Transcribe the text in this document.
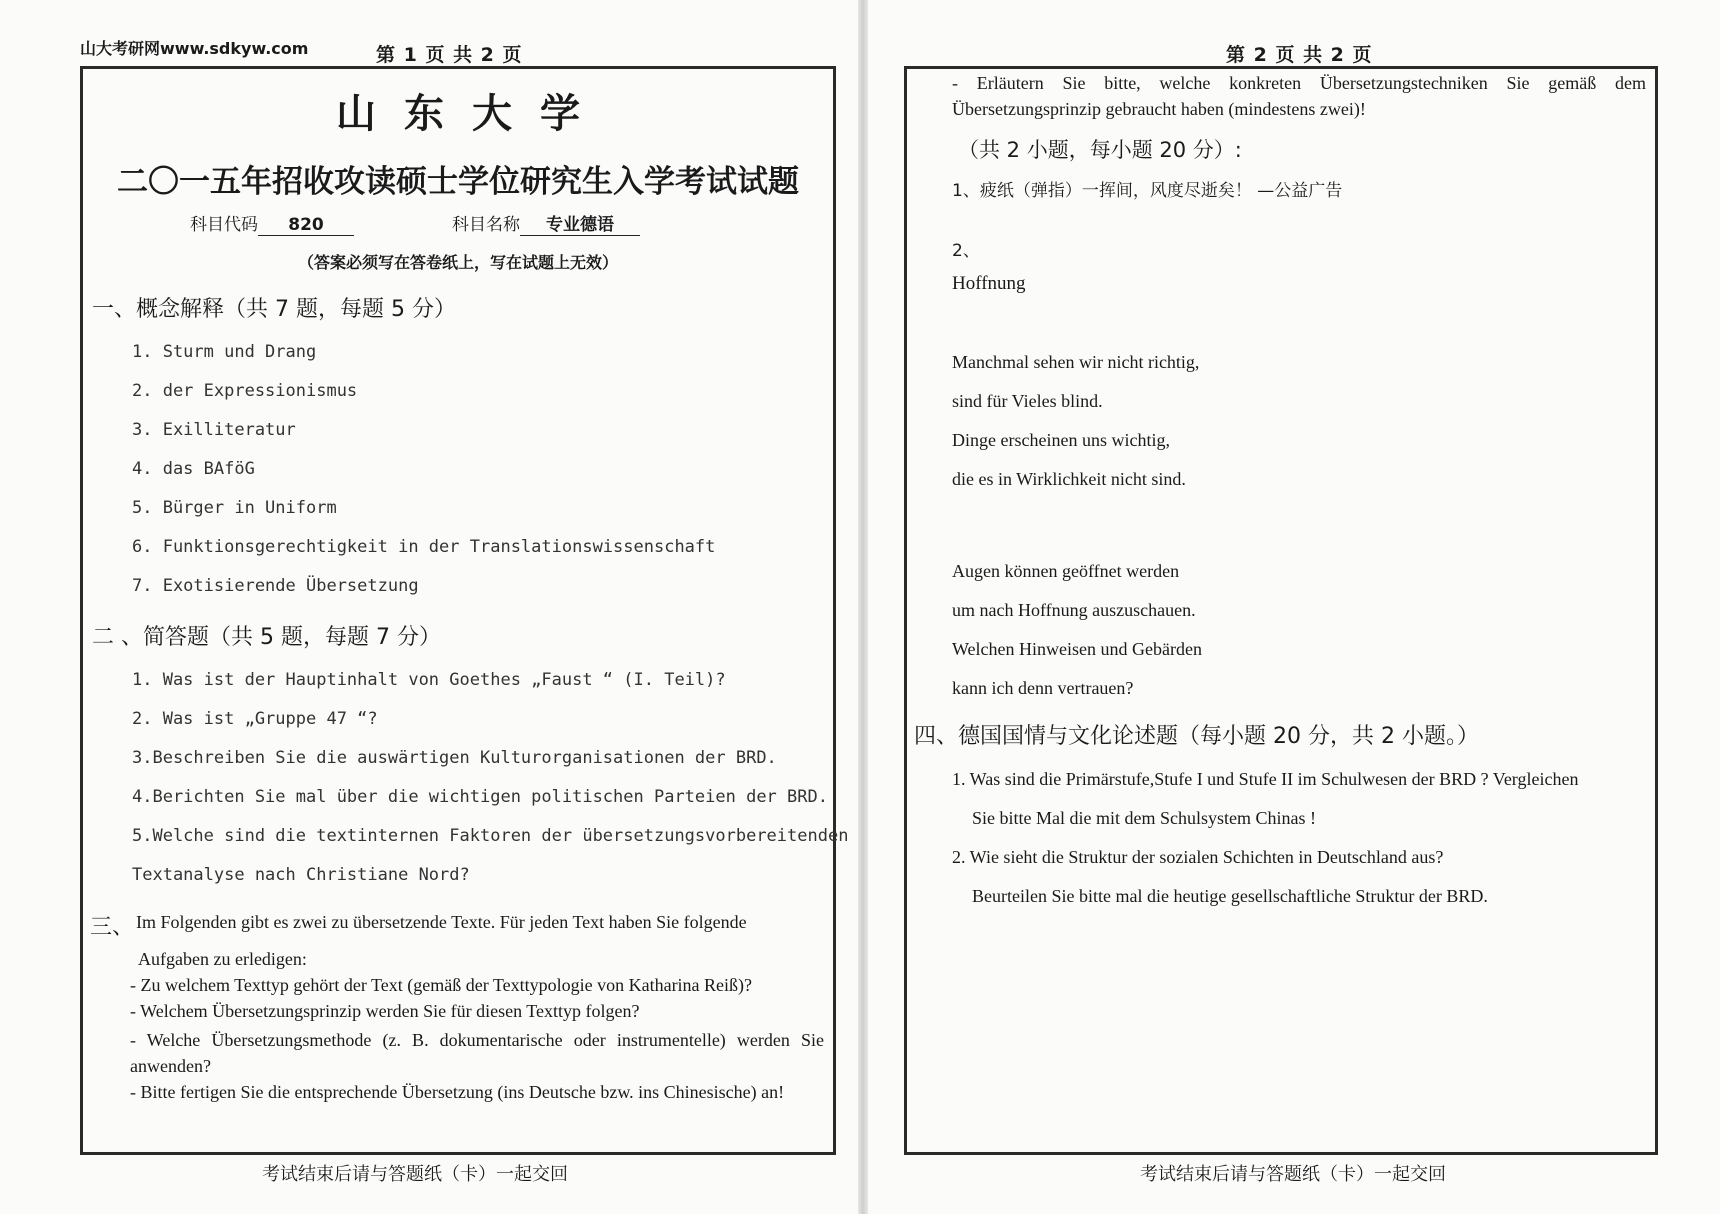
山大考研网www.sdkyw.com	第 1 页 共 2 页
山东大学
二〇一五年招收攻读硕士学位研究生入学考试试题
科目代码 820	科目名称 专业德语
（答案必须写在答卷纸上，写在试题上无效）
一、概念解释（共 7 题，每题 5 分）
1. Sturm und Drang
2. der Expressionismus
3. Exilliteratur
4. das BAföG
5. Bürger in Uniform
6. Funktionsgerechtigkeit in der Translationswissenschaft
7. Exotisierende Übersetzung
二 、简答题（共 5 题，每题 7 分）
1. Was ist der Hauptinhalt von Goethes „Faust “ (I. Teil)?
2. Was ist „Gruppe 47 “?
3.Beschreiben Sie die auswärtigen Kulturorganisationen der BRD.
4.Berichten Sie mal über die wichtigen politischen Parteien der BRD.
5.Welche sind die textinternen Faktoren der übersetzungsvorbereitenden
Textanalyse nach Christiane Nord?
三、 Im Folgenden gibt es zwei zu übersetzende Texte. Für jeden Text haben Sie folgende
Aufgaben zu erledigen:
- Zu welchem Texttyp gehört der Text (gemäß der Texttypologie von Katharina Reiß)?
- Welchem Übersetzungsprinzip werden Sie für diesen Texttyp folgen?
- Welche Übersetzungsmethode (z. B. dokumentarische oder instrumentelle) werden Sie anwenden?
- Bitte fertigen Sie die entsprechende Übersetzung (ins Deutsche bzw. ins Chinesische) an!
考试结束后请与答题纸（卡）一起交回
第 2 页 共 2 页
- Erläutern Sie bitte, welche konkreten Übersetzungstechniken Sie gemäß dem Übersetzungsprinzip gebraucht haben (mindestens zwei)!
（共 2 小题，每小题 20 分）:
1、疲纸（弹指）一挥间，风度尽逝矣！ —公益广告
2、
Hoffnung
Manchmal sehen wir nicht richtig,
sind für Vieles blind.
Dinge erscheinen uns wichtig,
die es in Wirklichkeit nicht sind.
Augen können geöffnet werden
um nach Hoffnung auszuschauen.
Welchen Hinweisen und Gebärden
kann ich denn vertrauen?
四、德国国情与文化论述题（每小题 20 分，共 2 小题。）
1. Was sind die Primärstufe,Stufe I und Stufe II im Schulwesen der BRD ? Vergleichen
Sie bitte Mal die mit dem Schulsystem Chinas !
2. Wie sieht die Struktur der sozialen Schichten in Deutschland aus?
Beurteilen Sie bitte mal die heutige gesellschaftliche Struktur der BRD.
考试结束后请与答题纸（卡）一起交回
